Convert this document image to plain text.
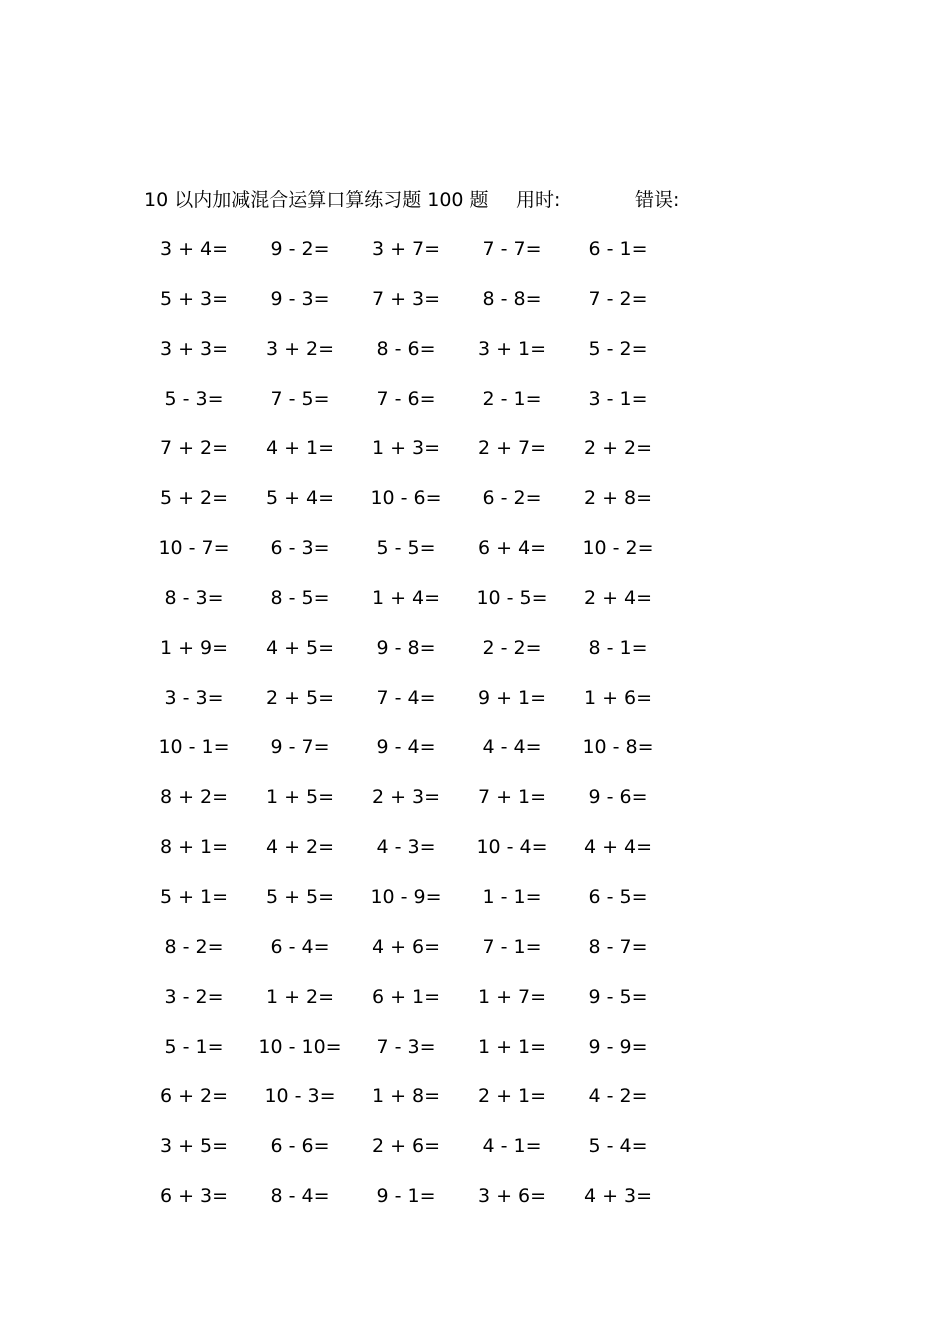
10 以内加减混合运算口算练习题 100 题 用时:	错误:
3 + 4=	9 - 2=	3 + 7=	7 - 7=	6 - 1=
5 + 3=	9 - 3=	7 + 3=	8 - 8=	7 - 2=
3 + 3=	3 + 2=	8 - 6=	3 + 1=	5 - 2=
5 - 3=	7 - 5=	7 - 6=	2 - 1=	3 - 1=
7 + 2=	4 + 1=	1 + 3=	2 + 7=	2 + 2=
5 + 2=	5 + 4=	10 - 6=	6 - 2=	2 + 8=
10 - 7=	6 - 3=	5 - 5=	6 + 4=	10 - 2=
8 - 3=	8 - 5=	1 + 4=	10 - 5=	2 + 4=
1 + 9=	4 + 5=	9 - 8=	2 - 2=	8 - 1=
3 - 3=	2 + 5=	7 - 4=	9 + 1=	1 + 6=
10 - 1=	9 - 7=	9 - 4=	4 - 4=	10 - 8=
8 + 2=	1 + 5=	2 + 3=	7 + 1=	9 - 6=
8 + 1=	4 + 2=	4 - 3=	10 - 4=	4 + 4=
5 + 1=	5 + 5=	10 - 9=	1 - 1=	6 - 5=
8 - 2=	6 - 4=	4 + 6=	7 - 1=	8 - 7=
3 - 2=	1 + 2=	6 + 1=	1 + 7=	9 - 5=
5 - 1=	10 - 10=	7 - 3=	1 + 1=	9 - 9=
6 + 2=	10 - 3=	1 + 8=	2 + 1=	4 - 2=
3 + 5=	6 - 6=	2 + 6=	4 - 1=	5 - 4=
6 + 3=	8 - 4=	9 - 1=	3 + 6=	4 + 3=
